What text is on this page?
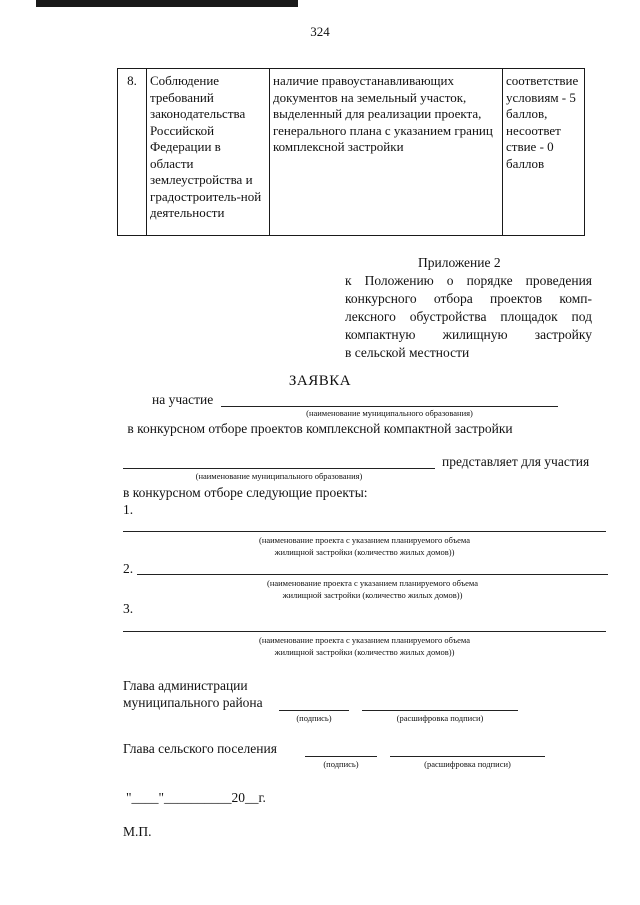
324
8.	Соблюдение требований законодательства Российской Федерации в области землеустройства и градостроитель-ной деятельности	наличие правоустанавливающих документов на земельный участок, выделенный для реализации проекта, генерального плана с указанием границ комплексной застройки	соответствие условиям - 5 баллов, несоответ ствие - 0 баллов
Приложение 2
к Положению о порядке проведения
конкурсного отбора проектов комп-
лексного обустройства площадок под
компактную жилищную застройку
в сельской местности
ЗАЯВКА
на участие
(наименование муниципального образования)
в конкурсном отборе проектов комплексной компактной застройки
представляет для участия
(наименование муниципального образования)
в конкурсном отборе следующие проекты:
1.
(наименование проекта с указанием планируемого объема
жилищной застройки (количество жилых домов))
2.
(наименование проекта с указанием планируемого объема
жилищной застройки (количество жилых домов))
3.
(наименование проекта с указанием планируемого объема
жилищной застройки (количество жилых домов))
Глава администрации
муниципального района
(подпись)	(расшифровка подписи)
Глава сельского поселения
(подпись)	(расшифровка подписи)
"____"__________20__г.
М.П.
